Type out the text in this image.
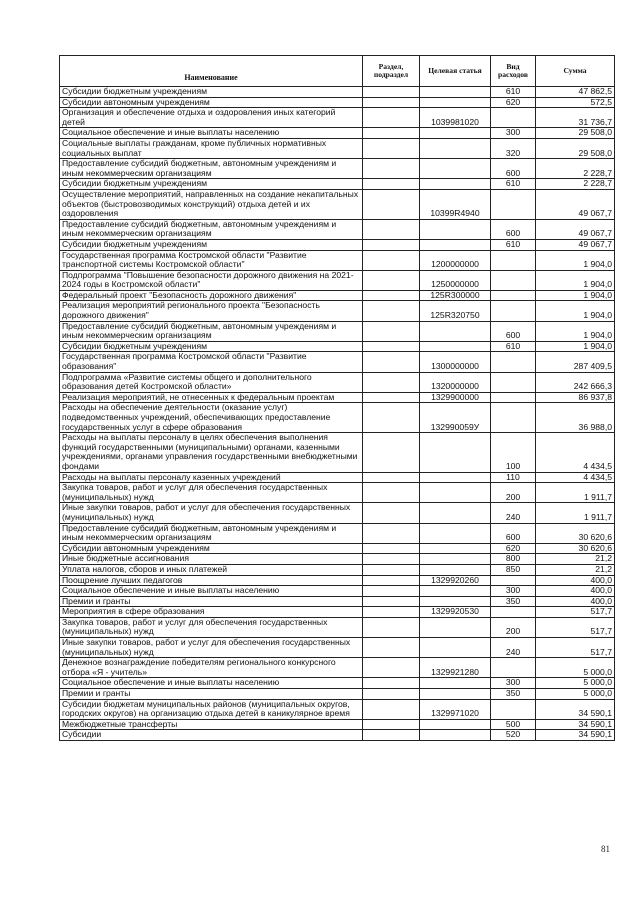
Наименование	Раздел, подраздел	Целевая статья	Вид расходов	Сумма
Субсидии бюджетным учреждениям			610	47 862,5
Субсидии автономным учреждениям			620	572,5
Организация и обеспечение отдыха и оздоровления иных категорий детей		1039981020		31 736,7
Социальное обеспечение и иные выплаты населению			300	29 508,0
Социальные выплаты гражданам, кроме публичных нормативных социальных выплат			320	29 508,0
Предоставление субсидий бюджетным, автономным учреждениям и иным некоммерческим организациям			600	2 228,7
Субсидии бюджетным учреждениям			610	2 228,7
Осуществление мероприятий, направленных на создание некапитальных объектов (быстровозводимых конструкций) отдыха детей и их оздоровления		10399R4940		49 067,7
Предоставление субсидий бюджетным, автономным учреждениям и иным некоммерческим организациям			600	49 067,7
Субсидии бюджетным учреждениям			610	49 067,7
Государственная программа Костромской области "Развитие транспортной системы Костромской области"		1200000000		1 904,0
Подпрограмма "Повышение безопасности дорожного движения на 2021-2024 годы в Костромской области"		1250000000		1 904,0
Федеральный проект "Безопасность дорожного движения"		125R300000		1 904,0
Реализация мероприятий регионального проекта "Безопасность дорожного движения"		125R320750		1 904,0
Предоставление субсидий бюджетным, автономным учреждениям и иным некоммерческим организациям			600	1 904,0
Субсидии бюджетным учреждениям			610	1 904,0
Государственная программа Костромской области "Развитие образования"		1300000000		287 409,5
Подпрограмма «Развитие системы общего и дополнительного образования детей Костромской области»		1320000000		242 666,3
Реализация мероприятий, не отнесенных к федеральным проектам		1329900000		86 937,8
Расходы на обеспечение деятельности (оказание услуг) подведомственных учреждений, обеспечивающих предоставление государственных услуг в сфере образования		132990059У		36 988,0
Расходы на выплаты персоналу в целях обеспечения выполнения функций государственными (муниципальными) органами, казенными учреждениями, органами управления государственными внебюджетными фондами			100	4 434,5
Расходы на выплаты персоналу казенных учреждений			110	4 434,5
Закупка товаров, работ и услуг для обеспечения государственных (муниципальных) нужд			200	1 911,7
Иные закупки товаров, работ и услуг для обеспечения государственных (муниципальных) нужд			240	1 911,7
Предоставление субсидий бюджетным, автономным учреждениям и иным некоммерческим организациям			600	30 620,6
Субсидии автономным учреждениям			620	30 620,6
Иные бюджетные ассигнования			800	21,2
Уплата налогов, сборов и иных платежей			850	21,2
Поощрение лучших педагогов		1329920260		400,0
Социальное обеспечение и иные выплаты населению			300	400,0
Премии и гранты			350	400,0
Мероприятия в сфере образования		1329920530		517,7
Закупка товаров, работ и услуг для обеспечения государственных (муниципальных) нужд			200	517,7
Иные закупки товаров, работ и услуг для обеспечения государственных (муниципальных) нужд			240	517,7
Денежное вознаграждение победителям регионального конкурсного отбора «Я - учитель»		1329921280		5 000,0
Социальное обеспечение и иные выплаты населению			300	5 000,0
Премии и гранты			350	5 000,0
Субсидии бюджетам муниципальных районов (муниципальных округов, городских округов) на организацию отдыха детей в каникулярное время		1329971020		34 590,1
Межбюджетные трансферты			500	34 590,1
Субсидии			520	34 590,1
81
